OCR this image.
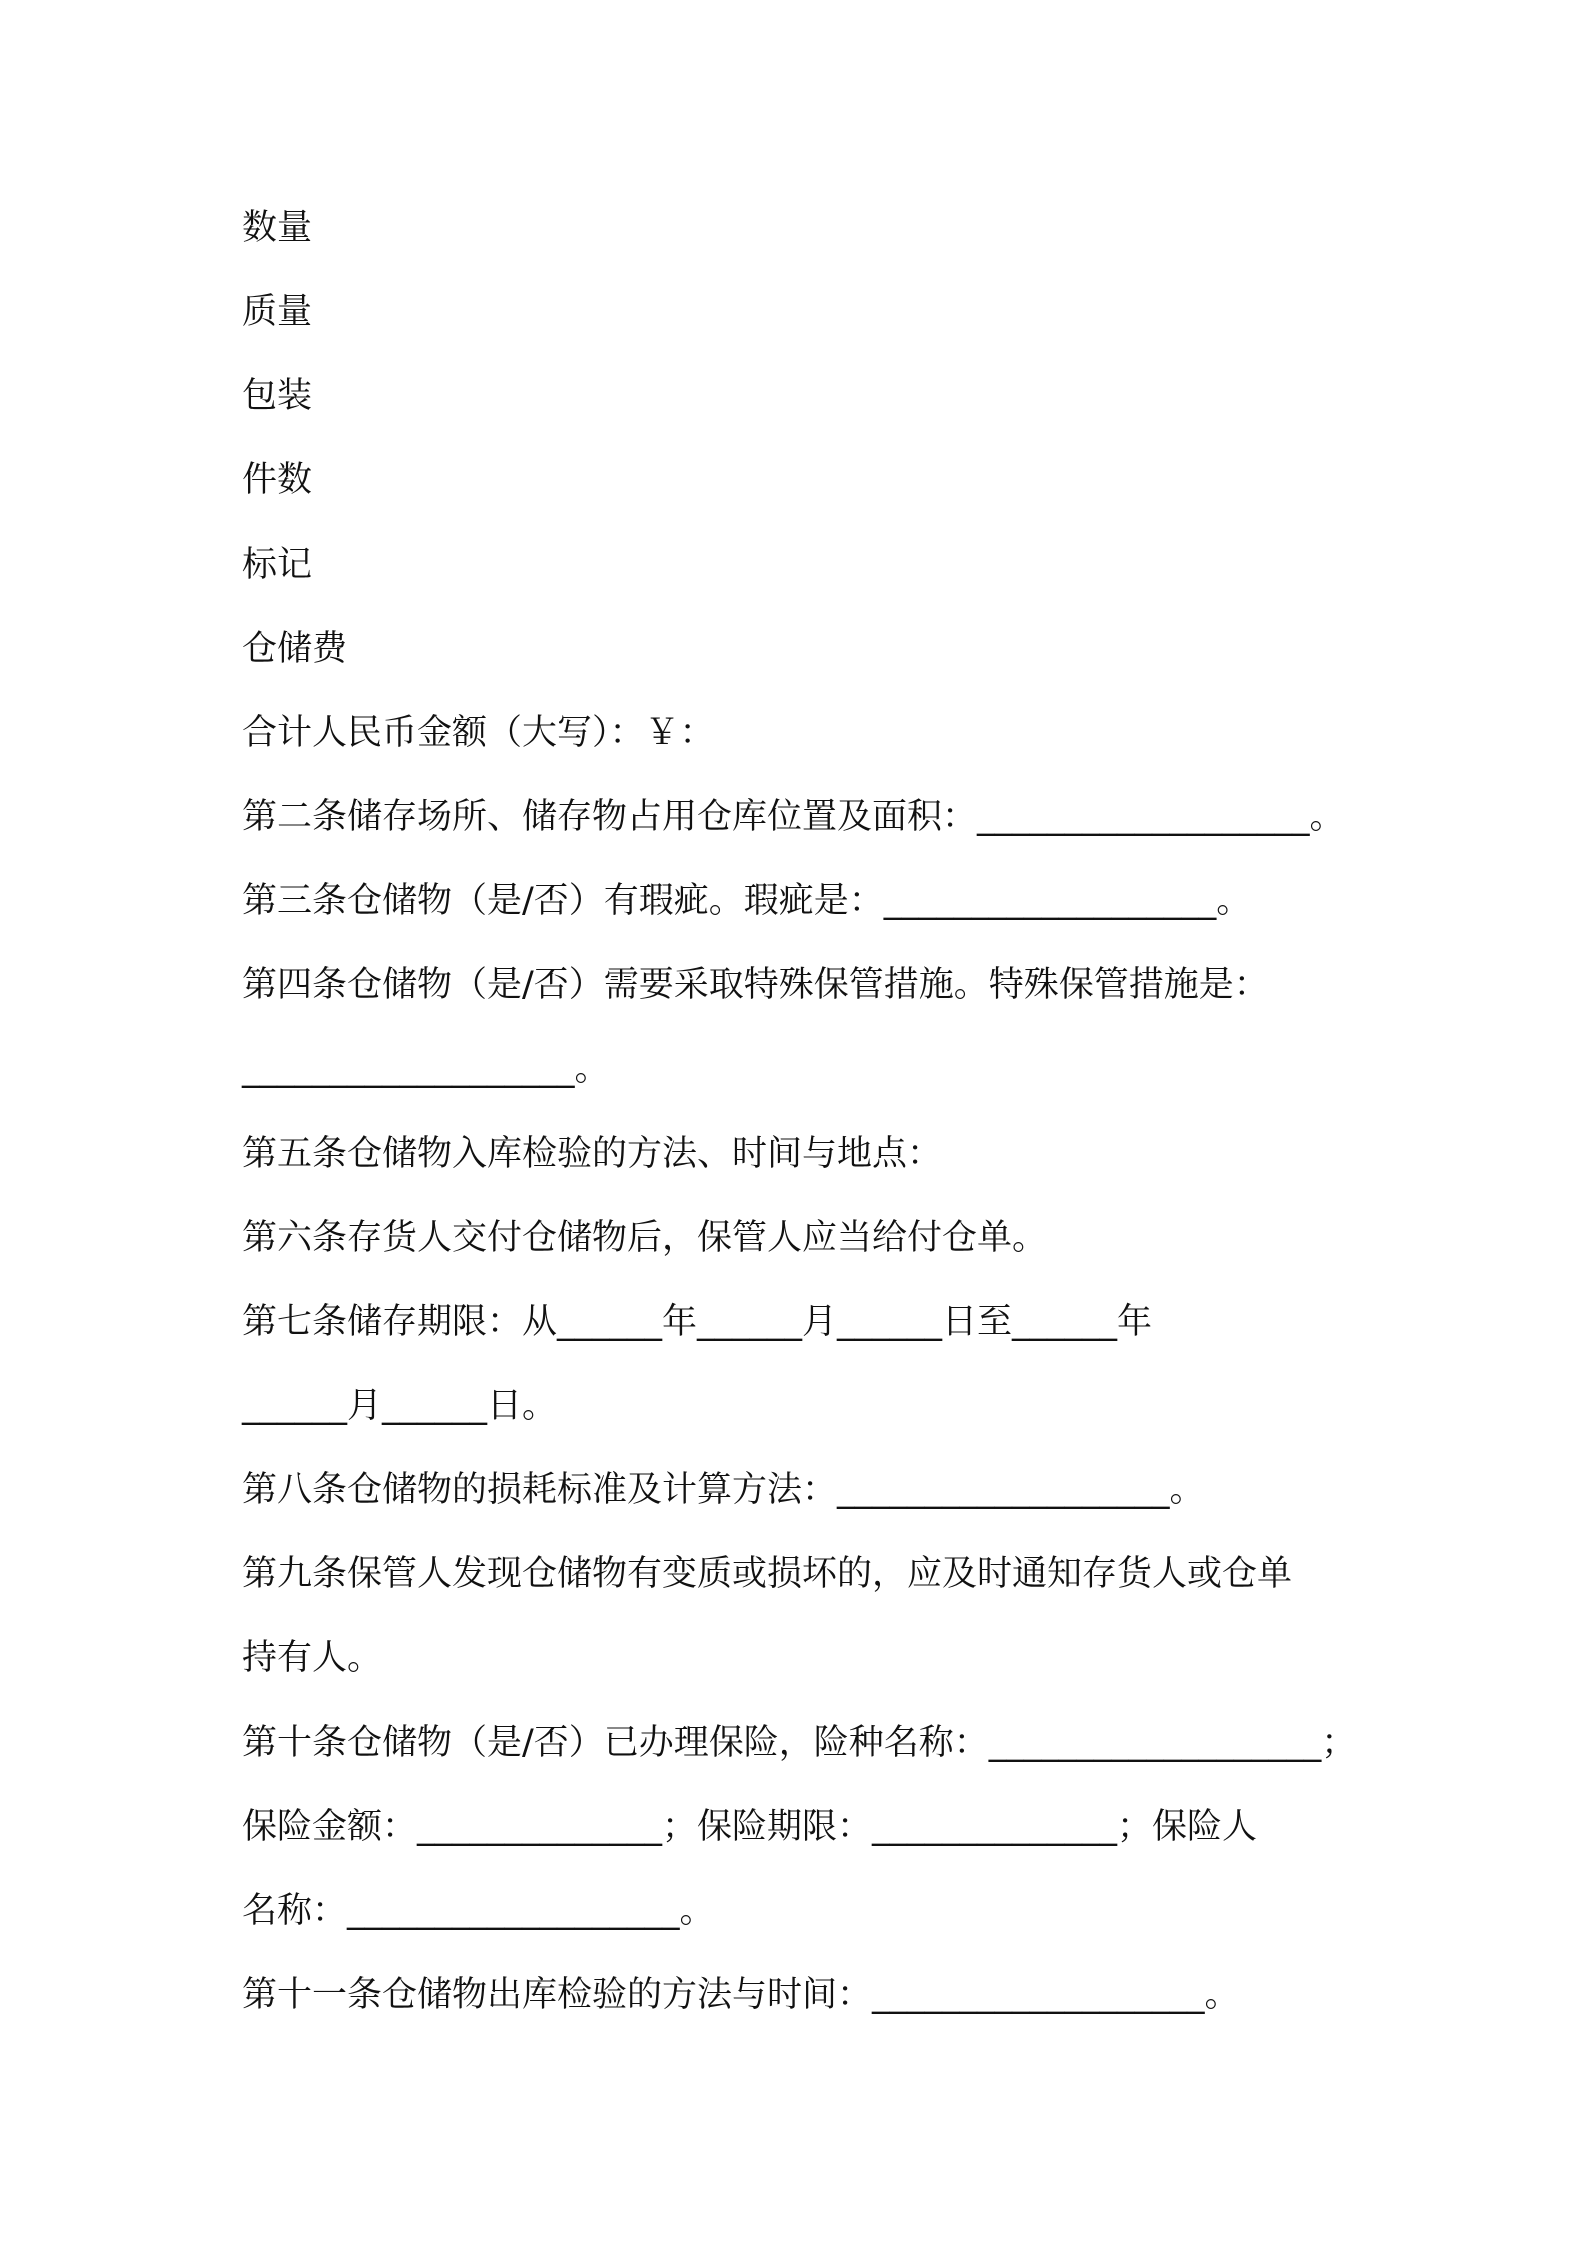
数量
质量
包装
件数
标记
仓储费
合计人民币金额（大写）：￥：
第二条储存场所、储存物占用仓库位置及面积：___________________。
第三条仓储物（是/否）有瑕疵。瑕疵是：___________________。
第四条仓储物（是/否）需要采取特殊保管措施。特殊保管措施是：
___________________。
第五条仓储物入库检验的方法、时间与地点：
第六条存货人交付仓储物后，保管人应当给付仓单。
第七条储存期限：从______年______月______日至______年
______月______日。
第八条仓储物的损耗标准及计算方法：___________________。
第九条保管人发现仓储物有变质或损坏的，应及时通知存货人或仓单
持有人。
第十条仓储物（是/否）已办理保险，险种名称：___________________；
保险金额：______________；保险期限：______________；保险人
名称：___________________。
第十一条仓储物出库检验的方法与时间：___________________。
